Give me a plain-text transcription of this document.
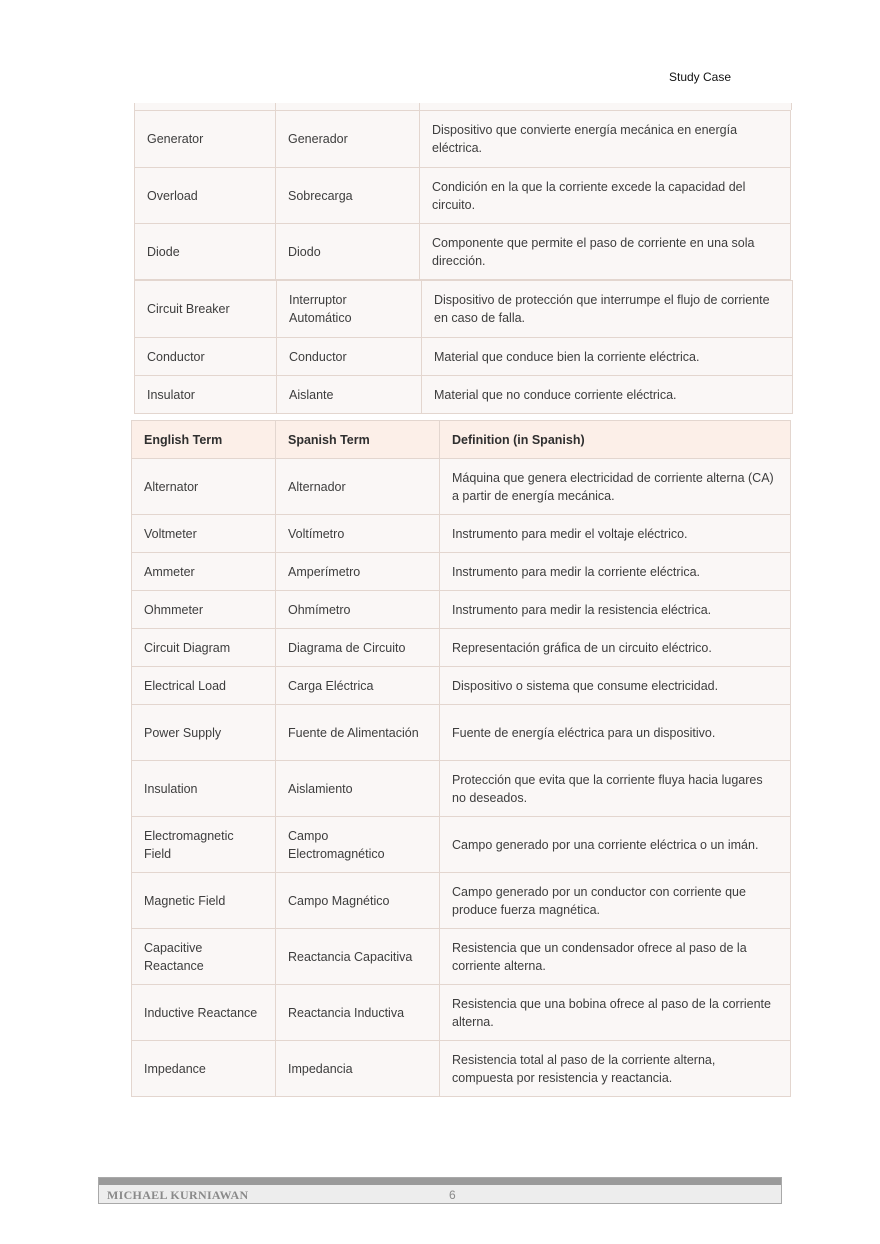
Study Case
Generator	Generador	Dispositivo que convierte energía mecánica en energía eléctrica.
Overload	Sobrecarga	Condición en la que la corriente excede la capacidad del circuito.
Diode	Diodo	Componente que permite el paso de corriente en una sola dirección.
Circuit Breaker	Interruptor Automático	Dispositivo de protección que interrumpe el flujo de corriente en caso de falla.
Conductor	Conductor	Material que conduce bien la corriente eléctrica.
Insulator	Aislante	Material que no conduce corriente eléctrica.
English Term	Spanish Term	Definition (in Spanish)
Alternator	Alternador	Máquina que genera electricidad de corriente alterna (CA) a partir de energía mecánica.
Voltmeter	Voltímetro	Instrumento para medir el voltaje eléctrico.
Ammeter	Amperímetro	Instrumento para medir la corriente eléctrica.
Ohmmeter	Ohmímetro	Instrumento para medir la resistencia eléctrica.
Circuit Diagram	Diagrama de Circuito	Representación gráfica de un circuito eléctrico.
Electrical Load	Carga Eléctrica	Dispositivo o sistema que consume electricidad.
Power Supply	Fuente de Alimentación	Fuente de energía eléctrica para un dispositivo.
Insulation	Aislamiento	Protección que evita que la corriente fluya hacia lugares no deseados.
Electromagnetic Field	Campo Electromagnético	Campo generado por una corriente eléctrica o un imán.
Magnetic Field	Campo Magnético	Campo generado por un conductor con corriente que produce fuerza magnética.
Capacitive Reactance	Reactancia Capacitiva	Resistencia que un condensador ofrece al paso de la corriente alterna.
Inductive Reactance	Reactancia Inductiva	Resistencia que una bobina ofrece al paso de la corriente alterna.
Impedance	Impedancia	Resistencia total al paso de la corriente alterna, compuesta por resistencia y reactancia.
MICHAEL KURNIAWAN	6
